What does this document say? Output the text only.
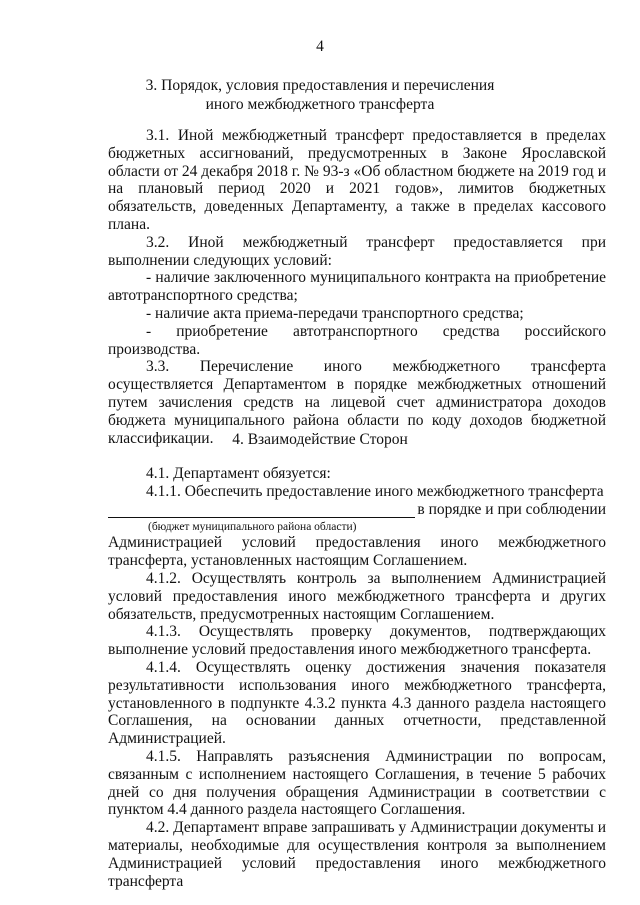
4
3. Порядок, условия предоставления и перечисления
иного межбюджетного трансферта

3.1. Иной межбюджетный трансферт предоставляется в пределах бюджетных ассигнований, предусмотренных в Законе Ярославской области от 24 декабря 2018 г. № 93-з «Об областном бюджете на 2019 год и на плановый период 2020 и 2021 годов», лимитов бюджетных обязательств, доведенных Департаменту, а также в пределах кассового плана.

3.2. Иной межбюджетный трансферт предоставляется при выполнении следующих условий:

- наличие заключенного муниципального контракта на приобретение автотранспортного средства;

- наличие акта приема-передачи транспортного средства;

- приобретение автотранспортного средства российского производства.

3.3. Перечисление иного межбюджетного трансферта осуществляется Департаментом в порядке межбюджетных отношений путем зачисления средств на лицевой счет администратора доходов бюджета муниципального района области по коду доходов бюджетной классификации.	4. Взаимодействие Сторон

4.1. Департамент обязуется:

4.1.1. Обеспечить предоставление иного межбюджетного трансферта

в порядке и при соблюдении
(бюджет муниципального района области)

Администрацией условий предоставления иного межбюджетного трансферта, установленных настоящим Соглашением.

4.1.2. Осуществлять контроль за выполнением Администрацией условий предоставления иного межбюджетного трансферта и других обязательств, предусмотренных настоящим Соглашением.

4.1.3. Осуществлять проверку документов, подтверждающих выполнение условий предоставления иного межбюджетного трансферта.

4.1.4. Осуществлять оценку достижения значения показателя результативности использования иного межбюджетного трансферта, установленного в подпункте 4.3.2 пункта 4.3 данного раздела настоящего Соглашения, на основании данных отчетности, представленной Администрацией.

4.1.5. Направлять разъяснения Администрации по вопросам, связанным с исполнением настоящего Соглашения, в течение 5 рабочих дней со дня получения обращения Администрации в соответствии с пунктом 4.4 данного раздела настоящего Соглашения.

4.2. Департамент вправе запрашивать у Администрации документы и материалы, необходимые для осуществления контроля за выполнением Администрацией условий предоставления иного межбюджетного трансферта
